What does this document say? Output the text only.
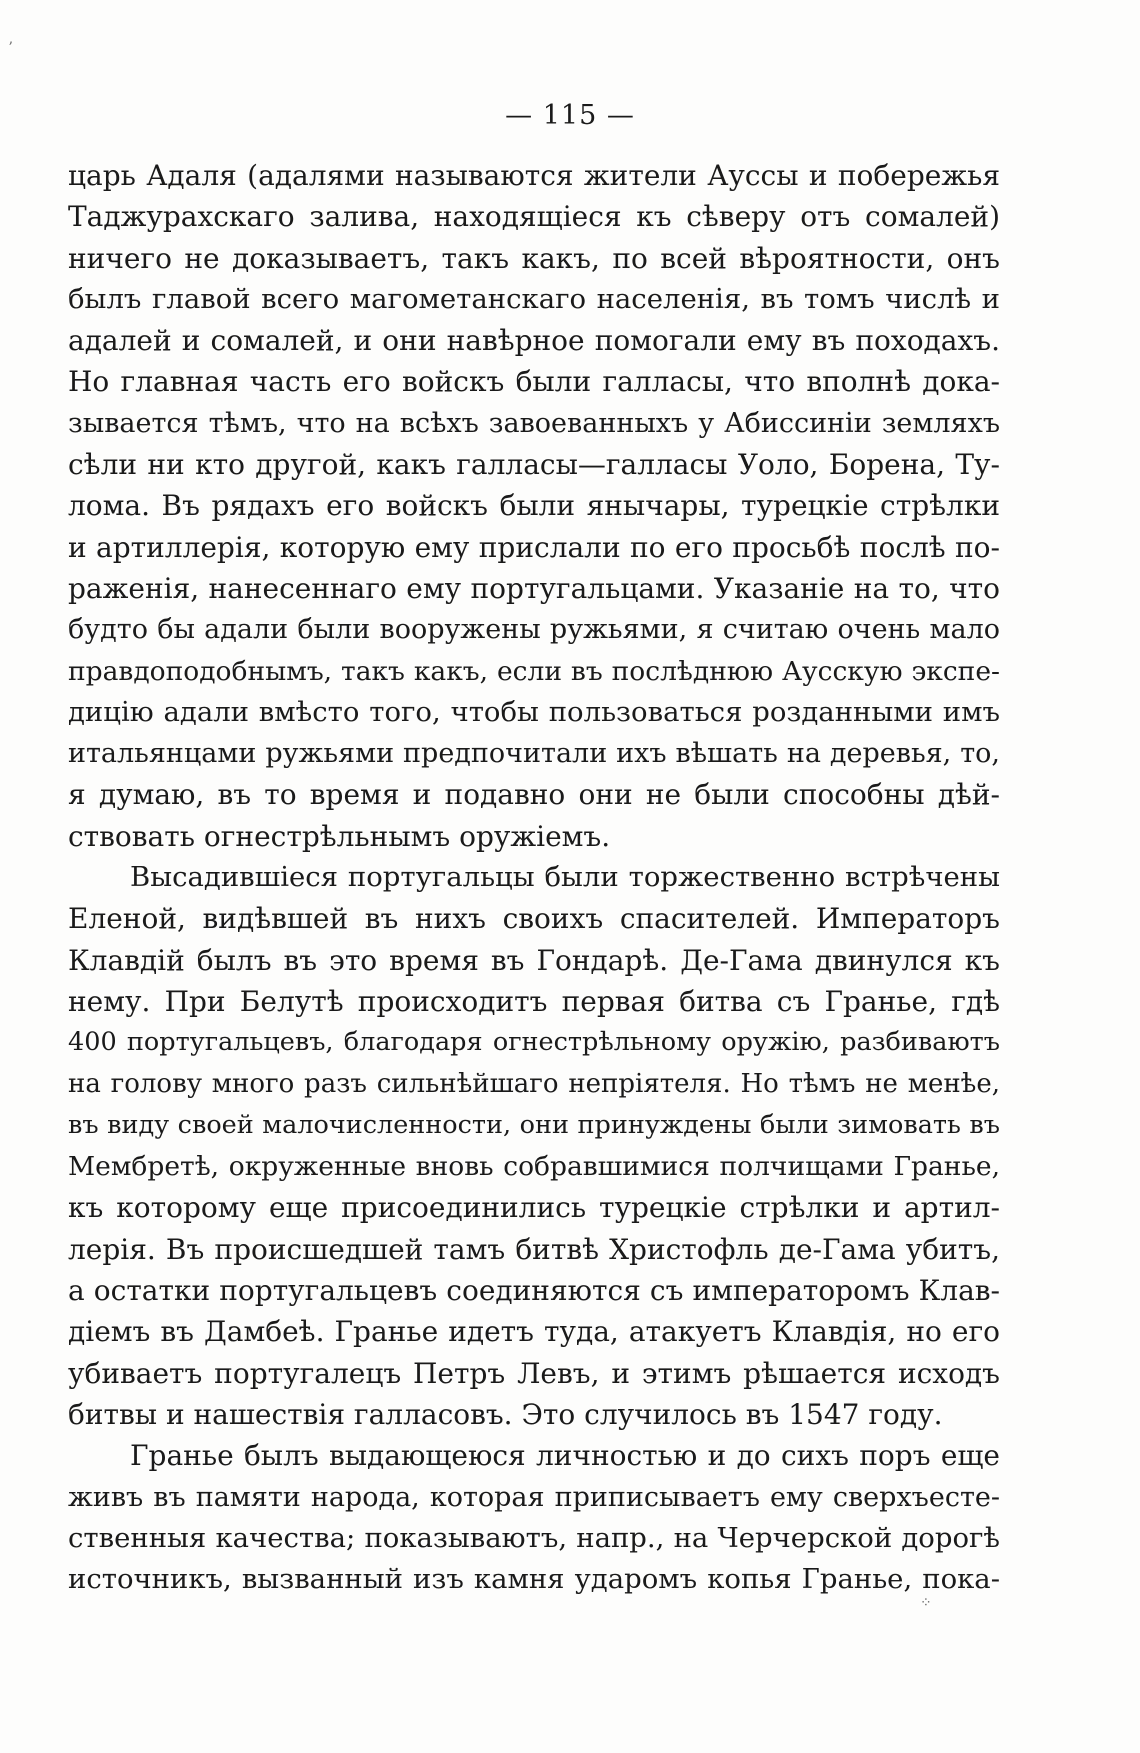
— 115 —
царь Адаля (адалями называются жители Ауссы и побережья
Таджурахскаго залива, находящіеся къ сѣверу отъ сомалей)
ничего не доказываетъ, такъ какъ, по всей вѣроятности, онъ
былъ главой всего магометанскаго населенія, въ томъ числѣ и
адалей и сомалей, и они навѣрное помогали ему въ походахъ.
Но главная часть его войскъ были галласы, что вполнѣ дока-
зывается тѣмъ, что на всѣхъ завоеванныхъ у Абиссиніи земляхъ
сѣли ни кто другой, какъ галласы—галласы Уоло, Борена, Ту-
лома. Въ рядахъ его войскъ были янычары, турецкіе стрѣлки
и артиллерія, которую ему прислали по его просьбѣ послѣ по-
раженія, нанесеннаго ему португальцами. Указаніе на то, что
будто бы адали были вооружены ружьями, я считаю очень мало
правдоподобнымъ, такъ какъ, если въ послѣднюю Аусскую экспе-
дицію адали вмѣсто того, чтобы пользоваться розданными имъ
итальянцами ружьями предпочитали ихъ вѣшать на деревья, то,
я думаю, въ то время и подавно они не были способны дѣй-
ствовать огнестрѣльнымъ оружіемъ.
Высадившіеся португальцы были торжественно встрѣчены
Еленой, видѣвшей въ нихъ своихъ спасителей. Императоръ
Клавдій былъ въ это время въ Гондарѣ. Де-Гама двинулся къ
нему. При Белутѣ происходитъ первая битва съ Гранье, гдѣ
400 португальцевъ, благодаря огнестрѣльному оружію, разбиваютъ
на голову много разъ сильнѣйшаго непріятеля. Но тѣмъ не менѣе,
въ виду своей малочисленности, они принуждены были зимовать въ
Мембретѣ, окруженные вновь собравшимися полчищами Гранье,
къ которому еще присоединились турецкіе стрѣлки и артил-
лерія. Въ происшедшей тамъ битвѣ Христофль де-Гама убитъ,
а остатки португальцевъ соединяются съ императоромъ Клав-
діемъ въ Дамбеѣ. Гранье идетъ туда, атакуетъ Клавдія, но его
убиваетъ португалецъ Петръ Левъ, и этимъ рѣшается исходъ
битвы и нашествія галласовъ. Это случилось въ 1547 году.
Гранье былъ выдающеюся личностью и до сихъ поръ еще
живъ въ памяти народа, которая приписываетъ ему сверхъесте-
ственныя качества; показываютъ, напр., на Черчерской дорогѣ
источникъ, вызванный изъ камня ударомъ копья Гранье, пока-
ʼ
⁘
